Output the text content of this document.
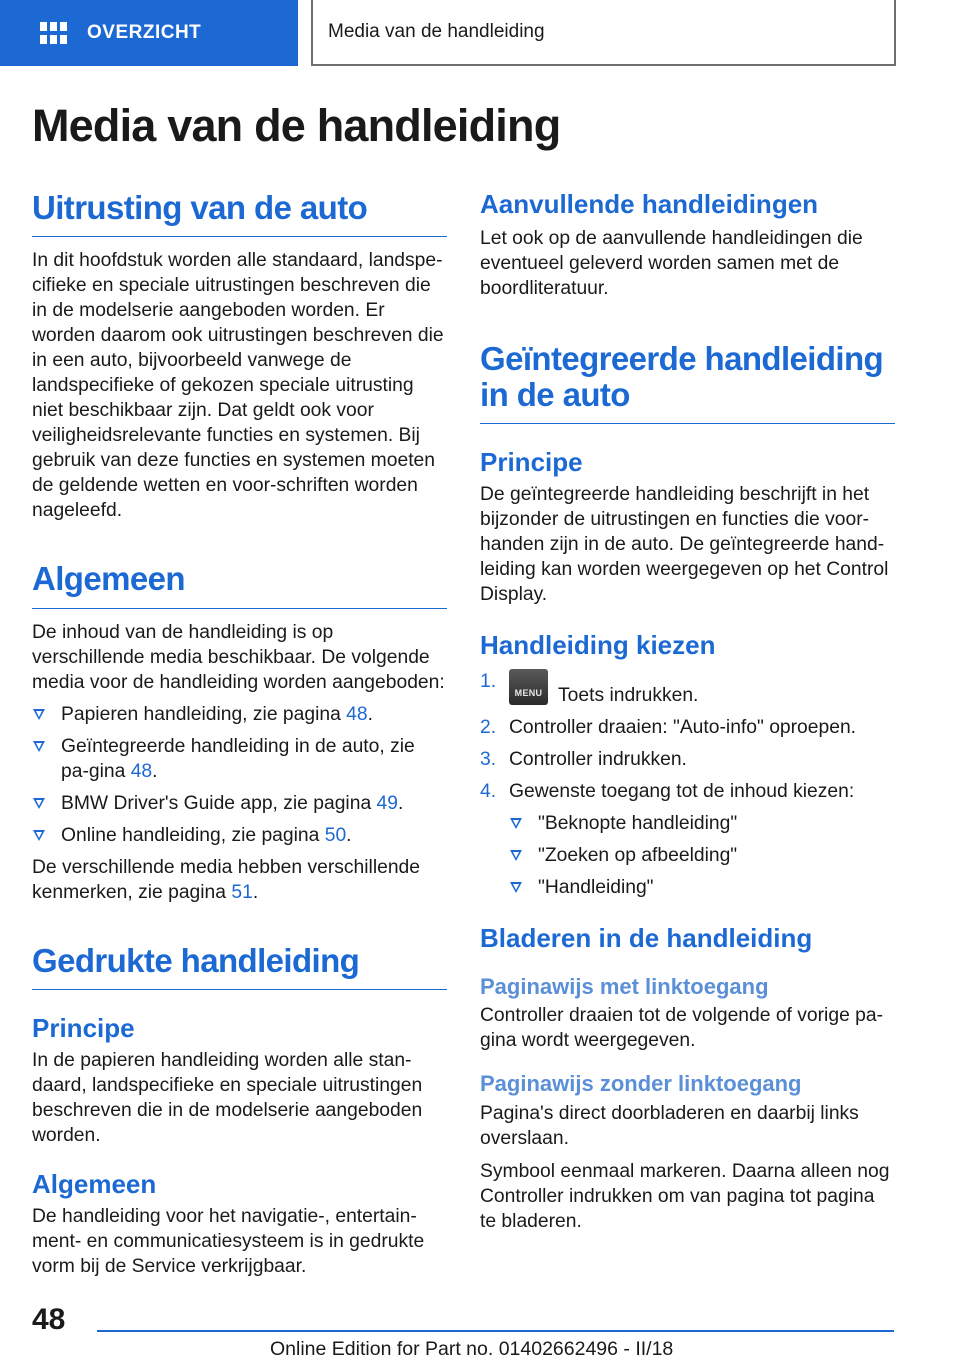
OVERZICHT	Media van de handleiding
Media van de handleiding
Uitrusting van de auto

In dit hoofdstuk worden alle standaard, landspe-cifieke en speciale uitrustingen beschreven die in de modelserie aangeboden worden. Er worden daarom ook uitrustingen beschreven die in een auto, bijvoorbeeld vanwege de landspecifieke of gekozen speciale uitrusting niet beschikbaar zijn. Dat geldt ook voor veiligheidsrelevante functies en systemen. Bij gebruik van deze functies en systemen moeten de geldende wetten en voor-schriften worden nageleefd.

Algemeen

De inhoud van de handleiding is op verschillende media beschikbaar. De volgende media voor de handleiding worden aangeboden:

Papieren handleiding, zie pagina 48.
Geïntegreerde handleiding in de auto, zie pa-gina 48.
BMW Driver's Guide app, zie pagina 49.
Online handleiding, zie pagina 50.

De verschillende media hebben verschillende kenmerken, zie pagina 51.

Gedrukte handleiding
Principe

In de papieren handleiding worden alle stan-daard, landspecifieke en speciale uitrustingen beschreven die in de modelserie aangeboden worden.

Algemeen

De handleiding voor het navigatie-, entertain-ment- en communicatiesysteem is in gedrukte vorm bij de Service verkrijgbaar.

Aanvullende handleidingen

Let ook op de aanvullende handleidingen die eventueel geleverd worden samen met de boordliteratuur.

Geïntegreerde handleiding in de auto
Principe

De geïntegreerde handleiding beschrijft in het bijzonder de uitrustingen en functies die voor-handen zijn in de auto. De geïntegreerde hand-leiding kan worden weergegeven op het Control Display.

Handleiding kiezen
1.
MENU Toets indrukken.
2. Controller draaien: "Auto-info" oproepen.
3. Controller indrukken.
4. Gewenste toegang tot de inhoud kiezen:
"Beknopte handleiding"
"Zoeken op afbeelding"
"Handleiding"
Bladeren in de handleiding
Paginawijs met linktoegang

Controller draaien tot de volgende of vorige pa-gina wordt weergegeven.

Paginawijs zonder linktoegang

Pagina's direct doorbladeren en daarbij links overslaan.

Symbool eenmaal markeren. Daarna alleen nog Controller indrukken om van pagina tot pagina te bladeren.

48
Online Edition for Part no. 01402662496 - II/18
